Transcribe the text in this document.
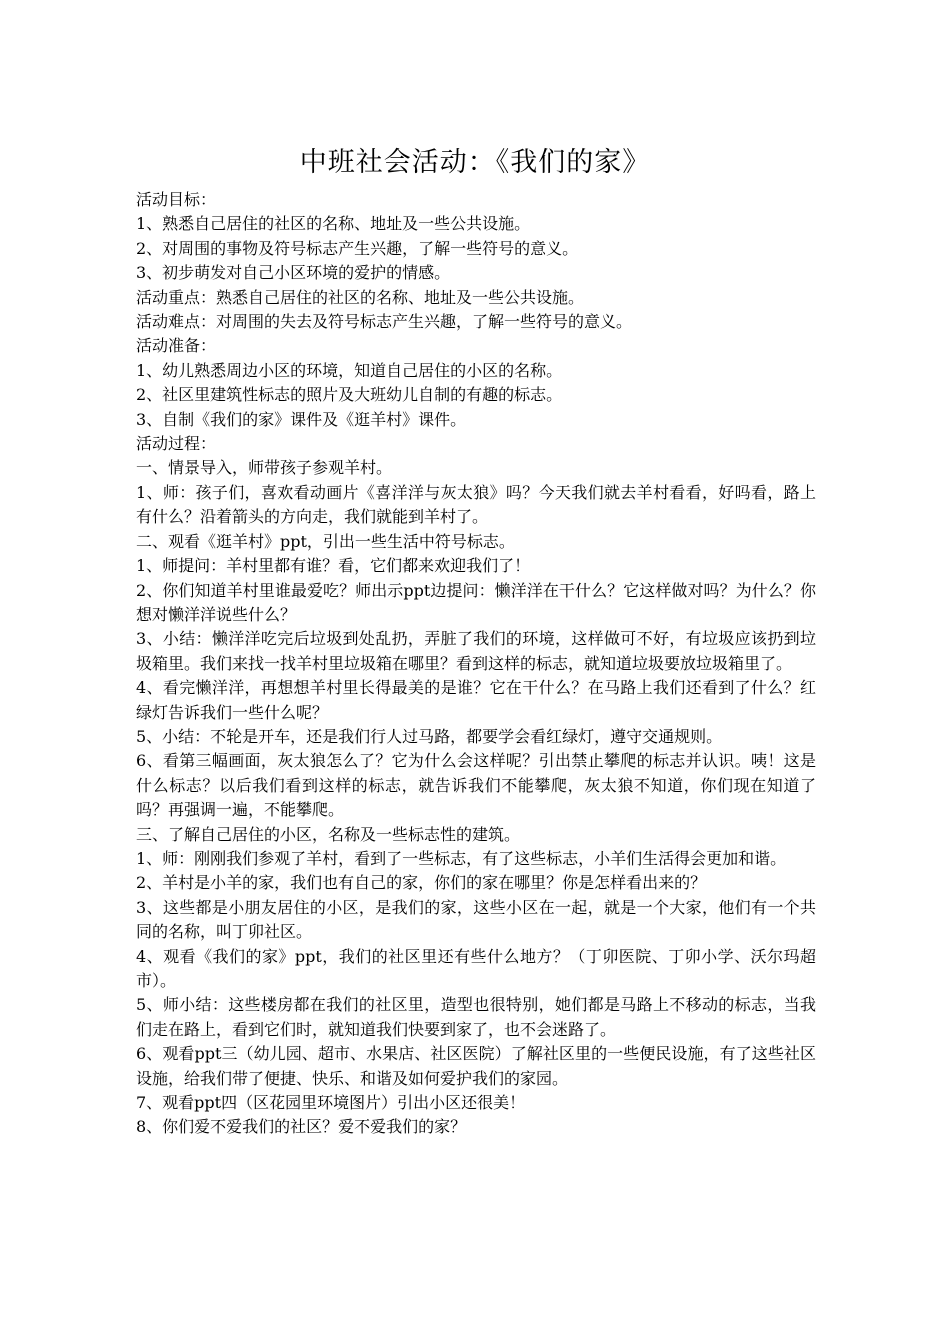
中班社会活动：《我们的家》

活动目标：

1、熟悉自己居住的社区的名称、地址及一些公共设施。

2、对周围的事物及符号标志产生兴趣，了解一些符号的意义。

3、初步萌发对自己小区环境的爱护的情感。

活动重点：熟悉自己居住的社区的名称、地址及一些公共设施。

活动难点：对周围的失去及符号标志产生兴趣，了解一些符号的意义。

活动准备：

1、幼儿熟悉周边小区的环境，知道自己居住的小区的名称。

2、社区里建筑性标志的照片及大班幼儿自制的有趣的标志。

3、自制《我们的家》课件及《逛羊村》课件。

活动过程：

一、情景导入，师带孩子参观羊村。

1、师：孩子们，喜欢看动画片《喜洋洋与灰太狼》吗？今天我们就去羊村看看，好吗看，路上有什么？沿着箭头的方向走，我们就能到羊村了。

二、观看《逛羊村》ppt，引出一些生活中符号标志。

1、师提问：羊村里都有谁？看，它们都来欢迎我们了！

2、你们知道羊村里谁最爱吃？师出示ppt边提问：懒洋洋在干什么？它这样做对吗？为什么？你想对懒洋洋说些什么？

3、小结：懒洋洋吃完后垃圾到处乱扔，弄脏了我们的环境，这样做可不好，有垃圾应该扔到垃圾箱里。我们来找一找羊村里垃圾箱在哪里？看到这样的标志，就知道垃圾要放垃圾箱里了。

4、看完懒洋洋，再想想羊村里长得最美的是谁？它在干什么？在马路上我们还看到了什么？红绿灯告诉我们一些什么呢？

5、小结：不轮是开车，还是我们行人过马路，都要学会看红绿灯，遵守交通规则。

6、看第三幅画面，灰太狼怎么了？它为什么会这样呢？引出禁止攀爬的标志并认识。咦！这是什么标志？以后我们看到这样的标志，就告诉我们不能攀爬，灰太狼不知道，你们现在知道了吗？再强调一遍，不能攀爬。

三、了解自己居住的小区，名称及一些标志性的建筑。

1、师：刚刚我们参观了羊村，看到了一些标志，有了这些标志，小羊们生活得会更加和谐。

2、羊村是小羊的家，我们也有自己的家，你们的家在哪里？你是怎样看出来的？

3、这些都是小朋友居住的小区，是我们的家，这些小区在一起，就是一个大家，他们有一个共同的名称，叫丁卯社区。

4、观看《我们的家》ppt，我们的社区里还有些什么地方？（丁卯医院、丁卯小学、沃尔玛超市）。

5、师小结：这些楼房都在我们的社区里，造型也很特别，她们都是马路上不移动的标志，当我们走在路上，看到它们时，就知道我们快要到家了，也不会迷路了。

6、观看ppt三（幼儿园、超市、水果店、社区医院）了解社区里的一些便民设施，有了这些社区设施，给我们带了便捷、快乐、和谐及如何爱护我们的家园。

7、观看ppt四（区花园里环境图片）引出小区还很美！

8、你们爱不爱我们的社区？爱不爱我们的家？
